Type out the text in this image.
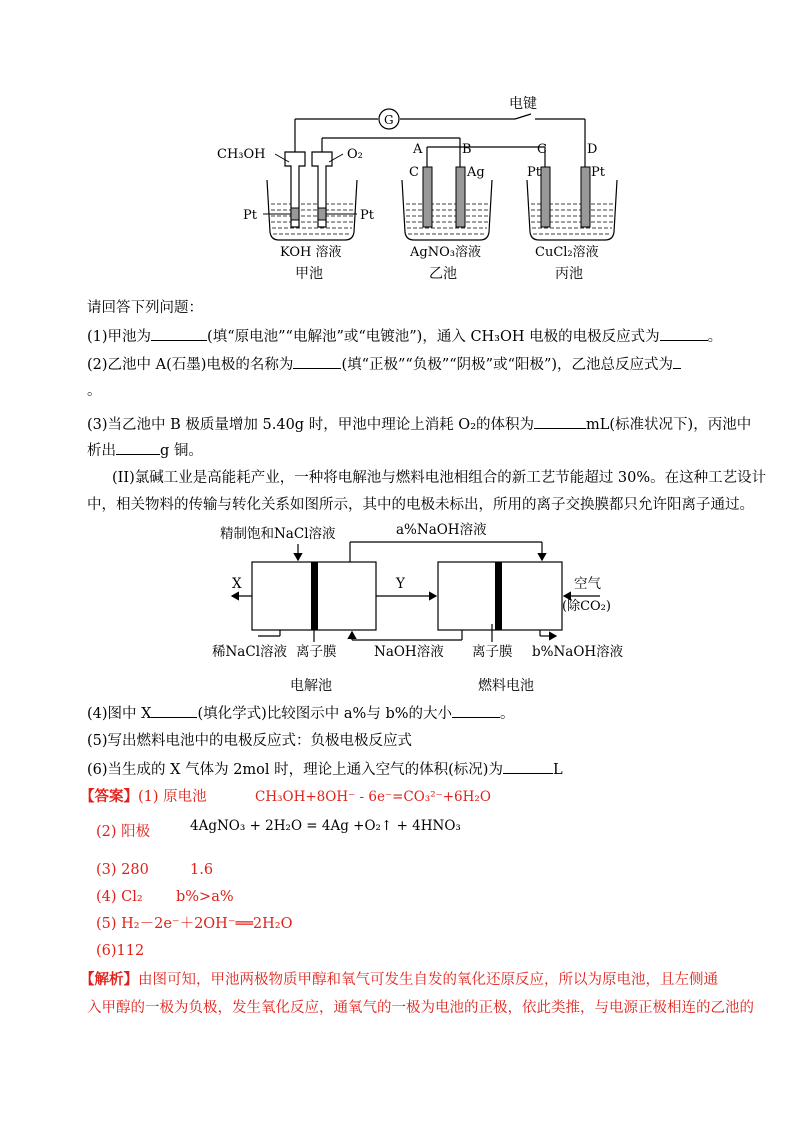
电键
G
CH₃OH	O₂
Pt	Pt
A	B
C	Ag
C	D
Pt	Pt
KOH 溶液	AgNO₃溶液	CuCl₂溶液
甲池	乙池	丙池
请回答下列问题：
(1)甲池为	(填“原电池”“电解池”或“电镀池”)，通入 CH₃OH 电极的电极反应式为	。
(2)乙池中 A(石墨)电极的名称为	(填“正极”“负极”“阴极”或“阳极”)，乙池总反应式为
。
(3)当乙池中 B 极质量增加 5.40g 时，甲池中理论上消耗 O₂的体积为	mL(标准状况下)，丙池中
析出	g 铜。
(II)氯碱工业是高能耗产业，一种将电解池与燃料电池相组合的新工艺节能超过 30%。在这种工艺设计
中，相关物料的传输与转化关系如图所示，其中的电极未标出，所用的离子交换膜都只允许阳离子通过。
精制饱和NaCl溶液	a%NaOH溶液
X	Y	空气
(除CO₂)
稀NaCl溶液 离子膜	NaOH溶液 离子膜 b%NaOH溶液
电解池	燃料电池
(4)图中 X	(填化学式)比较图示中 a%与 b%的大小	。
(5)写出燃料电池中的电极反应式：负极电极反应式
(6)当生成的 X 气体为 2mol 时，理论上通入空气的体积(标况)为	L
【答案】(1) 原电池	CH₃OH+8OH⁻ - 6e⁻=CO₃²⁻+6H₂O
(2) 阳极	4AgNO₃ + 2H₂O = 4Ag +O₂↑ + 4HNO₃
(3) 280	1.6
(4) Cl₂ b%>a%
(5) H₂－2e⁻＋2OH⁻══2H₂O
(6)112
【解析】由图可知，甲池两极物质甲醇和氧气可发生自发的氧化还原反应，所以为原电池，且左侧通
入甲醇的一极为负极，发生氧化反应，通氧气的一极为电池的正极，依此类推，与电源正极相连的乙池的
